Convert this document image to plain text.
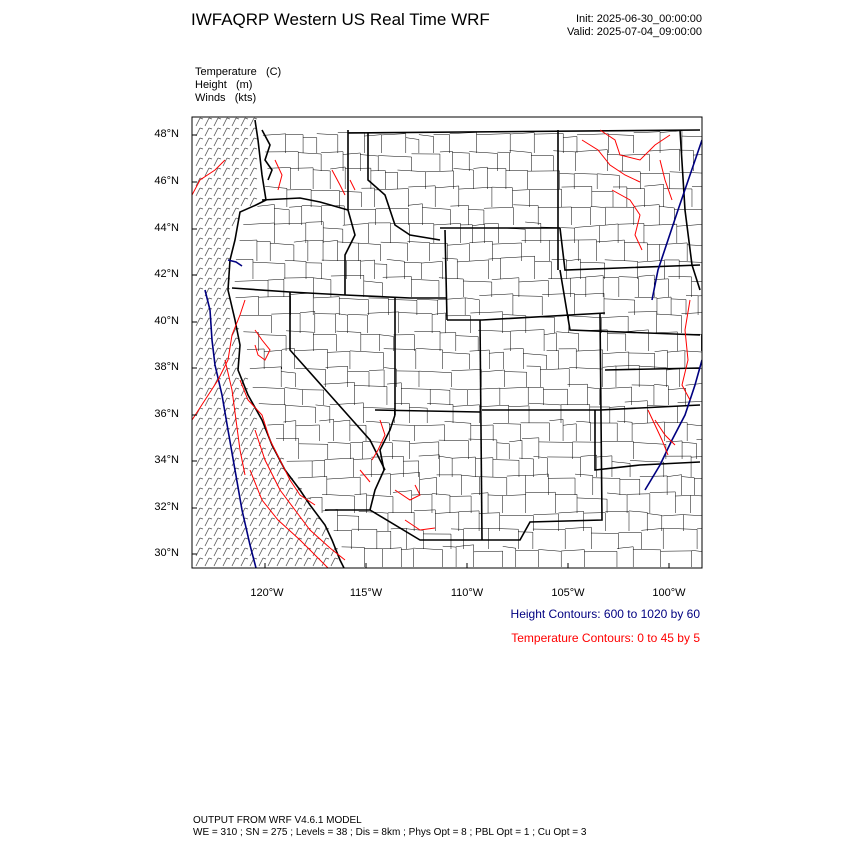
IWFAQRP Western US Real Time WRF	Init: 2025-06-30_00:00:00
Valid: 2025-07-04_09:00:00
Temperature (C)
Height (m)
Winds (kts)
48°N
46°N
44°N
42°N
40°N
38°N
36°N
34°N
32°N
30°N
120°W	115°W	110°W	105°W	100°W
Height Contours: 600 to 1020 by 60
Temperature Contours: 0 to 45 by 5
OUTPUT FROM WRF V4.6.1 MODEL
WE = 310 ; SN = 275 ; Levels = 38 ; Dis = 8km ; Phys Opt = 8 ; PBL Opt = 1 ; Cu Opt = 3
